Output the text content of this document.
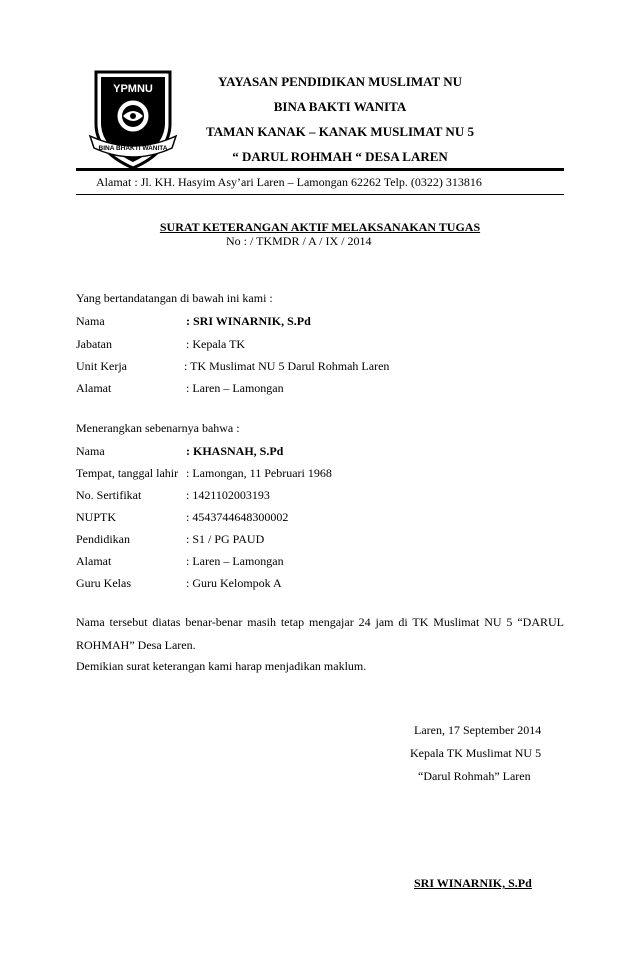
YPMNU
BINA BHAKTI WANITA
YAYASAN PENDIDIKAN MUSLIMAT NU
BINA BAKTI WANITA
TAMAN KANAK – KANAK MUSLIMAT NU 5
“ DARUL ROHMAH “ DESA LAREN
Alamat : Jl. KH. Hasyim Asy’ari Laren – Lamongan 62262 Telp. (0322) 313816
SURAT KETERANGAN AKTIF MELAKSANAKAN TUGAS
No : / TKMDR / A / IX / 2014
Yang bertandatangan di bawah ini kami :
Nama	: SRI WINARNIK, S.Pd
Jabatan	: Kepala TK
Unit Kerja	: TK Muslimat NU 5 Darul Rohmah Laren
Alamat	: Laren – Lamongan
Menerangkan sebenarnya bahwa :
Nama	: KHASNAH, S.Pd
Tempat, tanggal lahir : Lamongan, 11 Pebruari 1968
No. Sertifikat	: 1421102003193
NUPTK	: 4543744648300002
Pendidikan	: S1 / PG PAUD
Alamat	: Laren – Lamongan
Guru Kelas	: Guru Kelompok A
Nama tersebut diatas benar-benar masih tetap mengajar 24 jam di TK Muslimat NU 5 “DARUL ROHMAH” Desa Laren.
Demikian surat keterangan kami harap menjadikan maklum.
Laren, 17 September 2014
Kepala TK Muslimat NU 5
“Darul Rohmah” Laren
SRI WINARNIK, S.Pd
